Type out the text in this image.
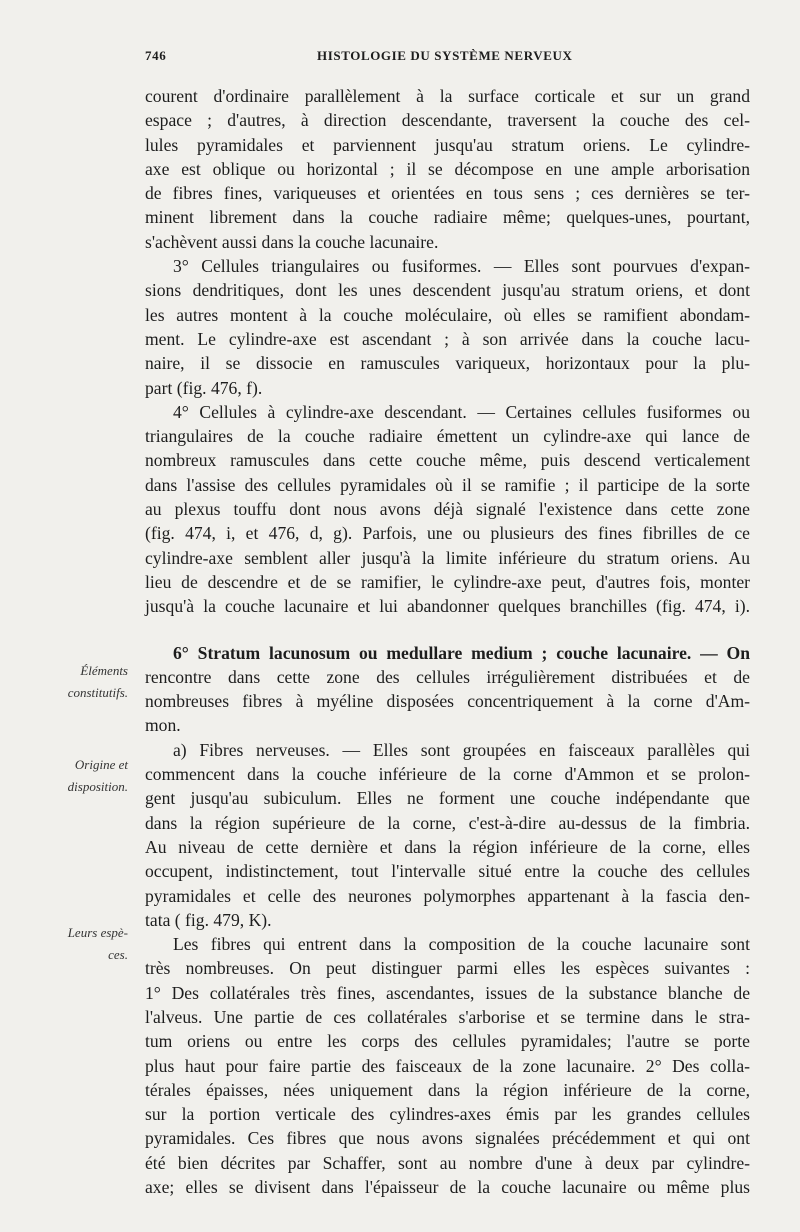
746	HISTOLOGIE DU SYSTÈME NERVEUX
Éléments
constitutifs.
Origine et
disposition.
Leurs espè-
ces.
courent d'ordinaire parallèlement à la surface corticale et sur un grand
espace ; d'autres, à direction descendante, traversent la couche des cel-
lules pyramidales et parviennent jusqu'au stratum oriens. Le cylindre-
axe est oblique ou horizontal ; il se décompose en une ample arborisation
de fibres fines, variqueuses et orientées en tous sens ; ces dernières se ter-
minent librement dans la couche radiaire même; quelques-unes, pourtant,
s'achèvent aussi dans la couche lacunaire.
3° Cellules triangulaires ou fusiformes. — Elles sont pourvues d'expan-
sions dendritiques, dont les unes descendent jusqu'au stratum oriens, et dont
les autres montent à la couche moléculaire, où elles se ramifient abondam-
ment. Le cylindre-axe est ascendant ; à son arrivée dans la couche lacu-
naire, il se dissocie en ramuscules variqueux, horizontaux pour la plu-
part (fig. 476, f).
4° Cellules à cylindre-axe descendant. — Certaines cellules fusiformes ou
triangulaires de la couche radiaire émettent un cylindre-axe qui lance de
nombreux ramuscules dans cette couche même, puis descend verticalement
dans l'assise des cellules pyramidales où il se ramifie ; il participe de la sorte
au plexus touffu dont nous avons déjà signalé l'existence dans cette zone
(fig. 474, i, et 476, d, g). Parfois, une ou plusieurs des fines fibrilles de ce
cylindre-axe semblent aller jusqu'à la limite inférieure du stratum oriens. Au
lieu de descendre et de se ramifier, le cylindre-axe peut, d'autres fois, monter
jusqu'à la couche lacunaire et lui abandonner quelques branchilles (fig. 474, i).
6° Stratum lacunosum ou medullare medium ; couche lacunaire. — On
rencontre dans cette zone des cellules irrégulièrement distribuées et de
nombreuses fibres à myéline disposées concentriquement à la corne d'Am-
mon.
a) Fibres nerveuses. — Elles sont groupées en faisceaux parallèles qui
commencent dans la couche inférieure de la corne d'Ammon et se prolon-
gent jusqu'au subiculum. Elles ne forment une couche indépendante que
dans la région supérieure de la corne, c'est-à-dire au-dessus de la fimbria.
Au niveau de cette dernière et dans la région inférieure de la corne, elles
occupent, indistinctement, tout l'intervalle situé entre la couche des cellules
pyramidales et celle des neurones polymorphes appartenant à la fascia den-
tata ( fig. 479, K).
Les fibres qui entrent dans la composition de la couche lacunaire sont
très nombreuses. On peut distinguer parmi elles les espèces suivantes :
1° Des collatérales très fines, ascendantes, issues de la substance blanche de
l'alveus. Une partie de ces collatérales s'arborise et se termine dans le stra-
tum oriens ou entre les corps des cellules pyramidales; l'autre se porte
plus haut pour faire partie des faisceaux de la zone lacunaire. 2° Des colla-
térales épaisses, nées uniquement dans la région inférieure de la corne,
sur la portion verticale des cylindres-axes émis par les grandes cellules
pyramidales. Ces fibres que nous avons signalées précédemment et qui ont
été bien décrites par Schaffer, sont au nombre d'une à deux par cylindre-
axe; elles se divisent dans l'épaisseur de la couche lacunaire ou même plus
